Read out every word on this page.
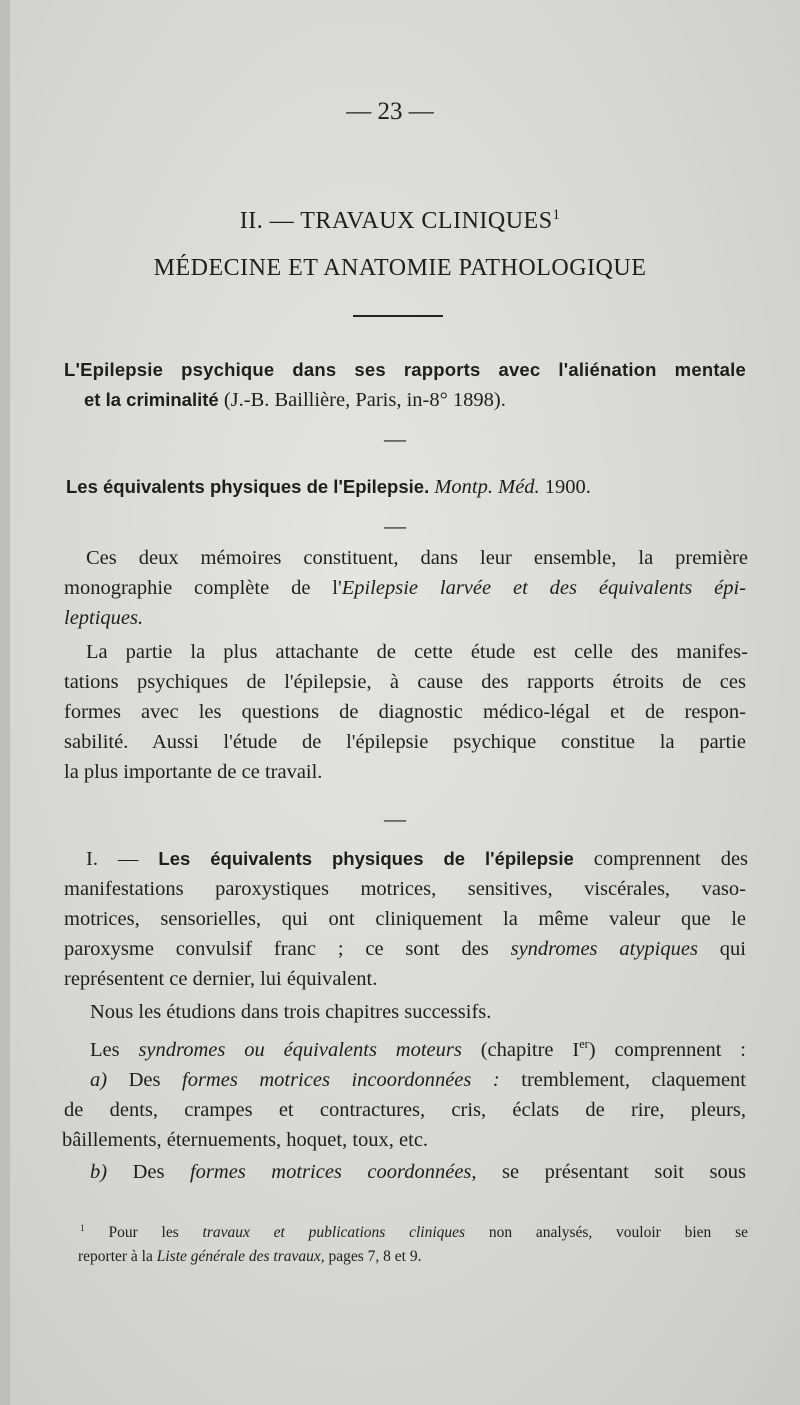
— 23 —
II. — TRAVAUX CLINIQUES$^1$
MÉDECINE ET ANATOMIE PATHOLOGIQUE
L'Epilepsie psychique dans ses rapports avec l'aliénation mentale
et la criminalité (J.-B. Baillière, Paris, in-8° 1898).
—
Les équivalents physiques de l'Epilepsie. Montp. Méd. 1900.
—
Ces deux mémoires constituent, dans leur ensemble, la première
monographie complète de l'Epilepsie larvée et des équivalents épi-
leptiques.
La partie la plus attachante de cette étude est celle des manifes-
tations psychiques de l'épilepsie, à cause des rapports étroits de ces
formes avec les questions de diagnostic médico-légal et de respon-
sabilité. Aussi l'étude de l'épilepsie psychique constitue la partie
la plus importante de ce travail.
—
I. — Les équivalents physiques de l'épilepsie comprennent des
manifestations paroxystiques motrices, sensitives, viscérales, vaso-
motrices, sensorielles, qui ont cliniquement la même valeur que le
paroxysme convulsif franc ; ce sont des syndromes atypiques qui
représentent ce dernier, lui équivalent.
Nous les étudions dans trois chapitres successifs.
Les syndromes ou équivalents moteurs (chapitre Ier) comprennent :
a) Des formes motrices incoordonnées : tremblement, claquement
de dents, crampes et contractures, cris, éclats de rire, pleurs,
bâillements, éternuements, hoquet, toux, etc.
b) Des formes motrices coordonnées, se présentant soit sous
$^1$ Pour les travaux et publications cliniques non analysés, vouloir bien se
reporter à la Liste générale des travaux, pages 7, 8 et 9.
